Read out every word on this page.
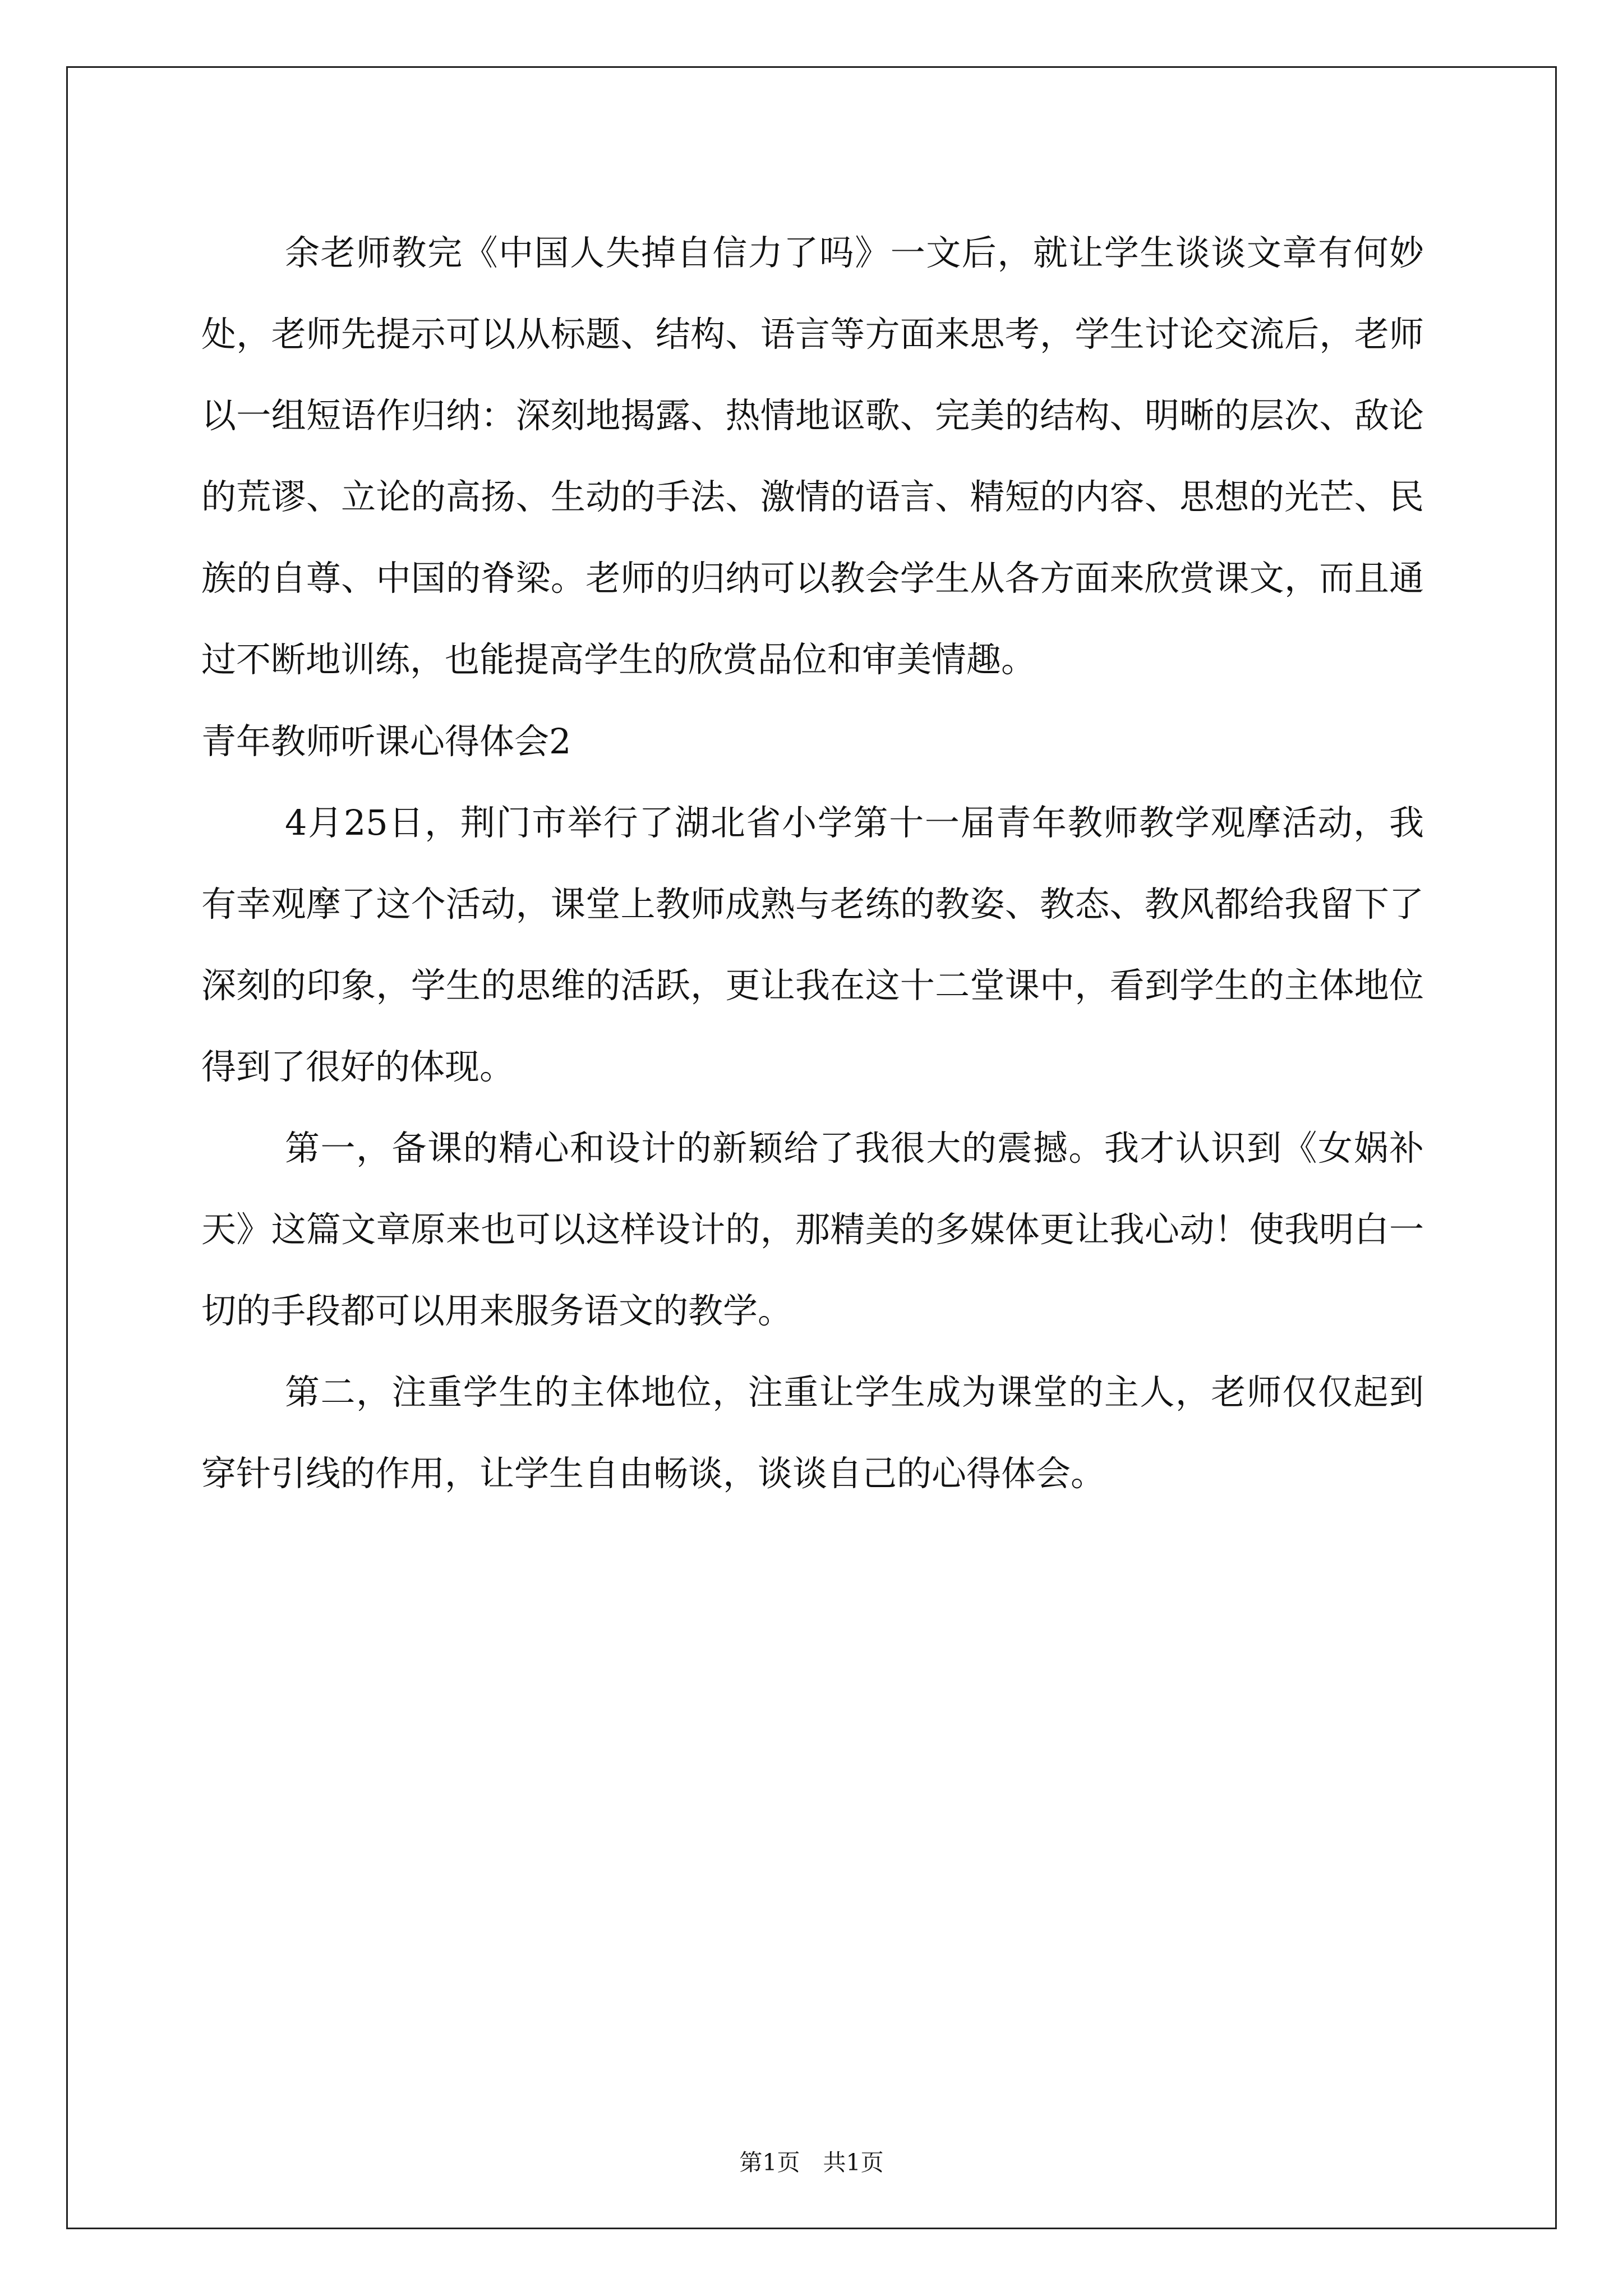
余老师教完《中国人失掉自信力了吗》一文后，就让学生谈谈文章有何妙处，老师先提示可以从标题、结构、语言等方面来思考，学生讨论交流后，老师以一组短语作归纳：深刻地揭露、热情地讴歌、完美的结构、明晰的层次、敌论的荒谬、立论的高扬、生动的手法、激情的语言、精短的内容、思想的光芒、民族的自尊、中国的脊梁。老师的归纳可以教会学生从各方面来欣赏课文，而且通过不断地训练，也能提高学生的欣赏品位和审美情趣。

青年教师听课心得体会2

4月25日，荆门市举行了湖北省小学第十一届青年教师教学观摩活动，我有幸观摩了这个活动，课堂上教师成熟与老练的教姿、教态、教风都给我留下了深刻的印象，学生的思维的活跃，更让我在这十二堂课中，看到学生的主体地位得到了很好的体现。

第一，备课的精心和设计的新颖给了我很大的震撼。我才认识到《女娲补天》这篇文章原来也可以这样设计的，那精美的多媒体更让我心动！使我明白一切的手段都可以用来服务语文的教学。

第二，注重学生的主体地位，注重让学生成为课堂的主人，老师仅仅起到穿针引线的作用，让学生自由畅谈，谈谈自己的心得体会。

第1页　共1页
